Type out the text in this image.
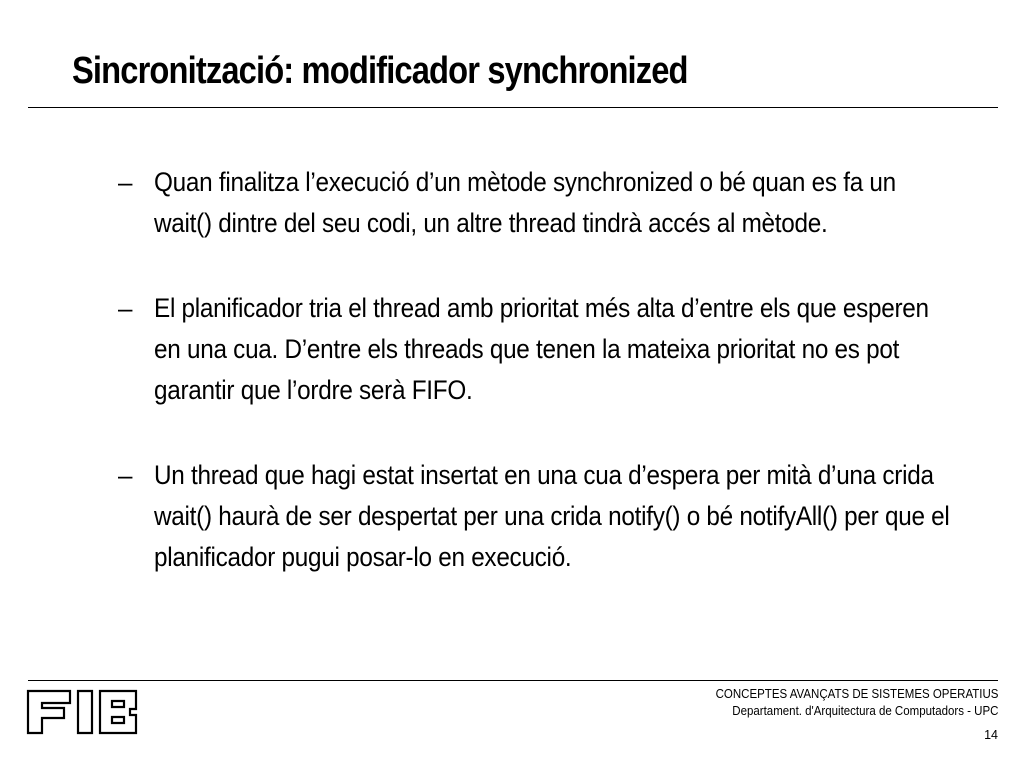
Sincronització: modificador synchronized
– Quan finalitza l’execució d’un mètode synchronized o bé quan es fa un wait() dintre del seu codi, un altre thread tindrà accés al mètode.
– El planificador tria el thread amb prioritat més alta d’entre els que esperen en una cua. D’entre els threads que tenen la mateixa prioritat no es pot garantir que l’ordre serà FIFO.
– Un thread que hagi estat insertat en una cua d’espera per mità d’una crida wait() haurà de ser despertat per una crida notify() o bé notifyAll() per que el planificador pugui posar-lo en execució.
CONCEPTES AVANÇATS DE SISTEMES OPERATIUS
Departament. d'Arquitectura de Computadors - UPC
14
